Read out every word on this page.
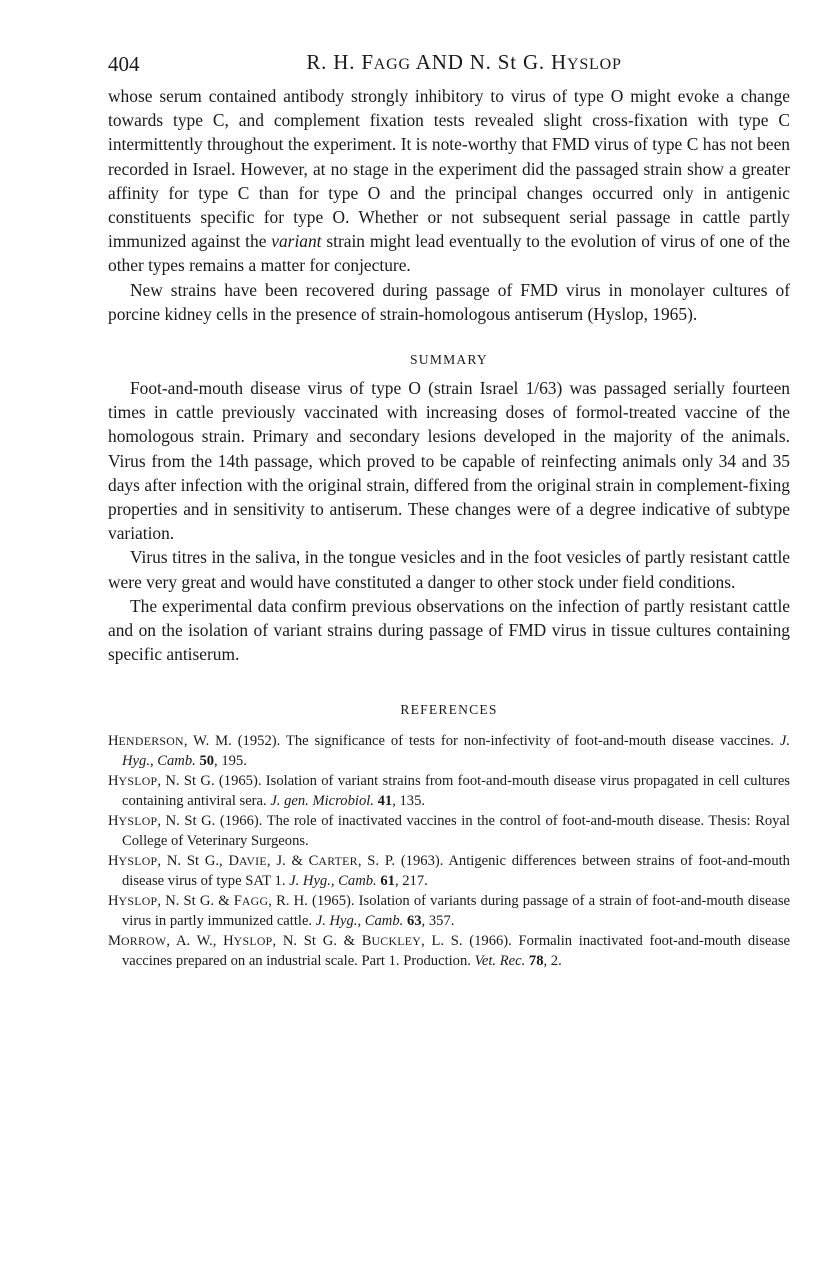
404	R. H. FAGG AND N. St G. HYSLOP

whose serum contained antibody strongly inhibitory to virus of type O might evoke a change towards type C, and complement fixation tests revealed slight cross-fixation with type C intermittently throughout the experiment. It is note-worthy that FMD virus of type C has not been recorded in Israel. However, at no stage in the experiment did the passaged strain show a greater affinity for type C than for type O and the principal changes occurred only in antigenic constituents specific for type O. Whether or not subsequent serial passage in cattle partly immunized against the variant strain might lead eventually to the evolution of virus of one of the other types remains a matter for conjecture.

New strains have been recovered during passage of FMD virus in monolayer cultures of porcine kidney cells in the presence of strain-homologous antiserum (Hyslop, 1965).

SUMMARY

Foot-and-mouth disease virus of type O (strain Israel 1/63) was passaged serially fourteen times in cattle previously vaccinated with increasing doses of formol-treated vaccine of the homologous strain. Primary and secondary lesions developed in the majority of the animals. Virus from the 14th passage, which proved to be capable of reinfecting animals only 34 and 35 days after infection with the original strain, differed from the original strain in complement-fixing properties and in sensitivity to antiserum. These changes were of a degree indicative of subtype variation.

Virus titres in the saliva, in the tongue vesicles and in the foot vesicles of partly resistant cattle were very great and would have constituted a danger to other stock under field conditions.

The experimental data confirm previous observations on the infection of partly resistant cattle and on the isolation of variant strains during passage of FMD virus in tissue cultures containing specific antiserum.

REFERENCES

HENDERSON, W. M. (1952). The significance of tests for non-infectivity of foot-and-mouth disease vaccines. J. Hyg., Camb. 50, 195.

HYSLOP, N. St G. (1965). Isolation of variant strains from foot-and-mouth disease virus propagated in cell cultures containing antiviral sera. J. gen. Microbiol. 41, 135.

HYSLOP, N. St G. (1966). The role of inactivated vaccines in the control of foot-and-mouth disease. Thesis: Royal College of Veterinary Surgeons.

HYSLOP, N. St G., DAVIE, J. & CARTER, S. P. (1963). Antigenic differences between strains of foot-and-mouth disease virus of type SAT 1. J. Hyg., Camb. 61, 217.

HYSLOP, N. St G. & FAGG, R. H. (1965). Isolation of variants during passage of a strain of foot-and-mouth disease virus in partly immunized cattle. J. Hyg., Camb. 63, 357.

MORROW, A. W., HYSLOP, N. St G. & BUCKLEY, L. S. (1966). Formalin inactivated foot-and-mouth disease vaccines prepared on an industrial scale. Part 1. Production. Vet. Rec. 78, 2.
